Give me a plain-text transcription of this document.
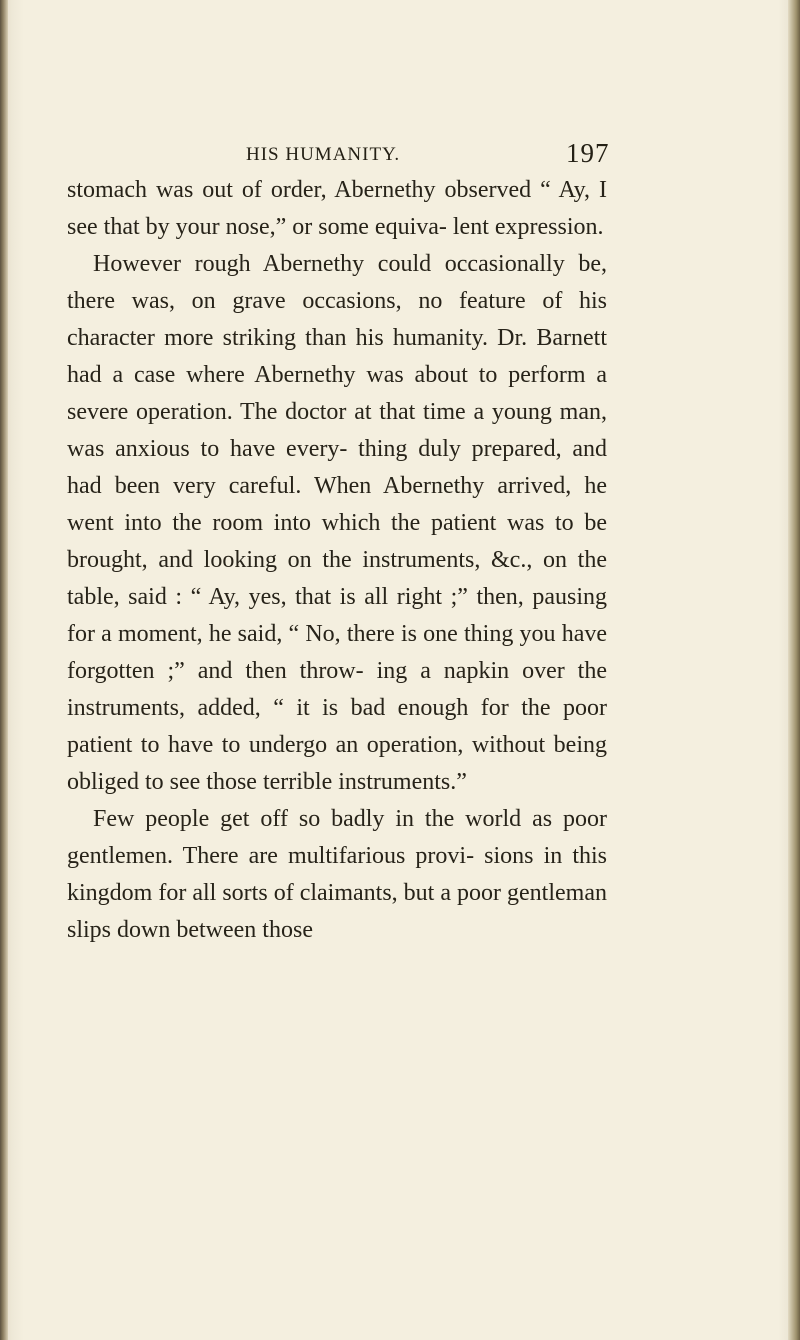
HIS HUMANITY.	197

stomach was out of order, Abernethy observed “ Ay, I see that by your nose,” or some equiva- lent expression.

However rough Abernethy could occasionally be, there was, on grave occasions, no feature of his character more striking than his humanity. Dr. Barnett had a case where Abernethy was about to perform a severe operation. The doctor at that time a young man, was anxious to have every- thing duly prepared, and had been very careful. When Abernethy arrived, he went into the room into which the patient was to be brought, and looking on the instruments, &c., on the table, said : “ Ay, yes, that is all right ;” then, pausing for a moment, he said, “ No, there is one thing you have forgotten ;” and then throw- ing a napkin over the instruments, added, “ it is bad enough for the poor patient to have to undergo an operation, without being obliged to see those terrible instruments.”

Few people get off so badly in the world as poor gentlemen. There are multifarious provi- sions in this kingdom for all sorts of claimants, but a poor gentleman slips down between those
